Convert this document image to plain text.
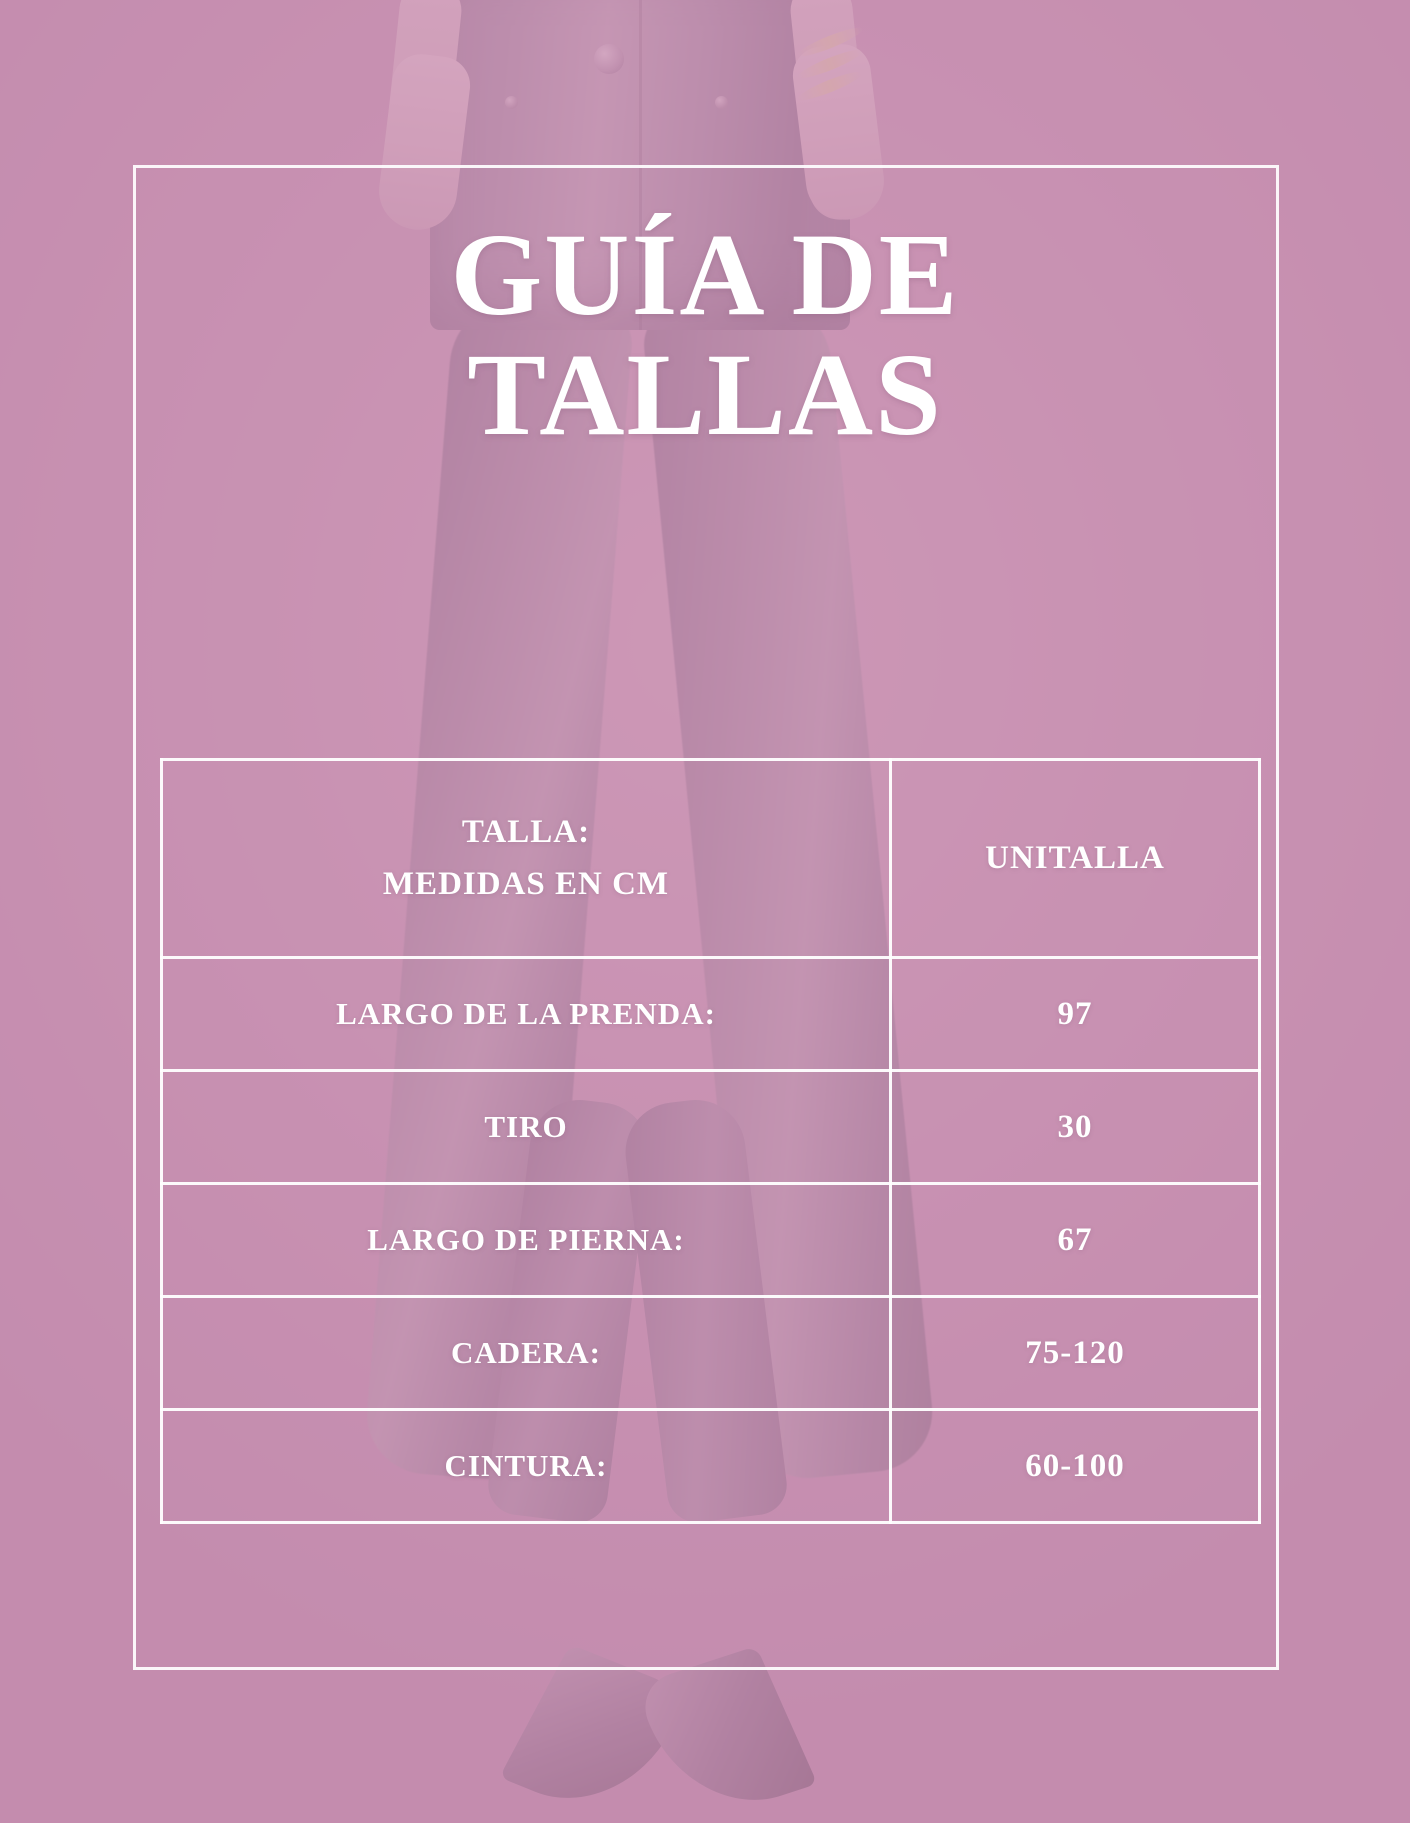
GUÍA DE
TALLAS
TALLA:
MEDIDAS EN CM	UNITALLA
LARGO DE LA PRENDA:	97
TIRO	30
LARGO DE PIERNA:	67
CADERA:	75-120
CINTURA:	60-100
